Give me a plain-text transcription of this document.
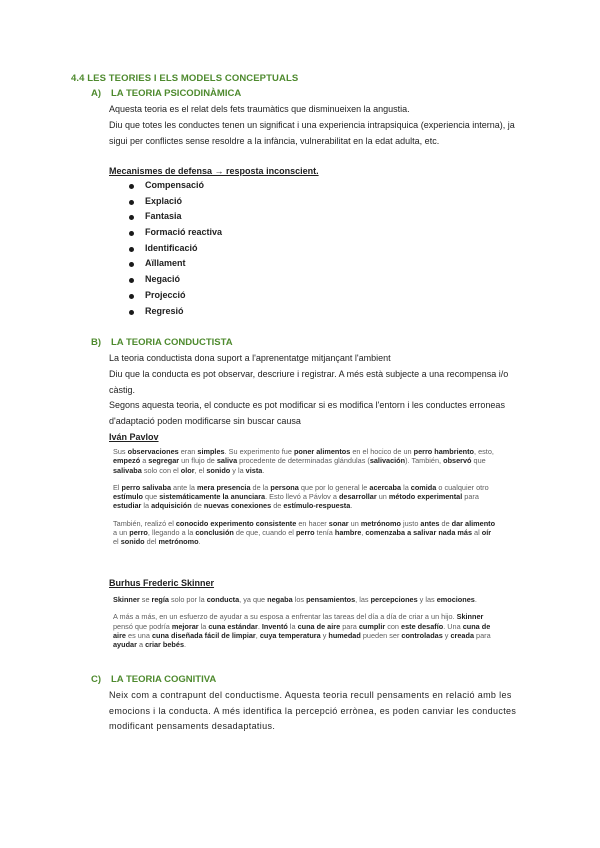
4.4 LES TEORIES I ELS MODELS CONCEPTUALS
A) LA TEORIA PSICODINÀMICA
Aquesta teoria es el relat dels fets traumàtics que disminueixen la angustia.
Diu que totes les conductes tenen un significat i una experiencia intrapsiquica (experiencia interna), ja sigui per conflictes sense resoldre a la infància, vulnerabilitat en la edat adulta, etc.
Mecanismes de defensa → resposta inconscient.
Compensació
Explació
Fantasia
Formació reactiva
Identificació
Aïllament
Negació
Projecció
Regresió
B) LA TEORIA CONDUCTISTA
La teoria conductista dona suport a l'aprenentatge mitjançant l'ambient
Diu que la conducta es pot observar, descriure i registrar. A més està subjecte a una recompensa i/o càstig.
Segons aquesta teoria, el conducte es pot modificar si es modifica l'entorn i les conductes erroneas d'adaptació poden modificarse sin buscar causa
Iván Pavlov

Sus observaciones eran simples. Su experimento fue poner alimentos en el hocico de un perro hambriento, esto, empezó a segregar un flujo de saliva procedente de determinadas glándulas (salivación). También, observó que salivaba solo con el olor, el sonido y la vista.

El perro salivaba ante la mera presencia de la persona que por lo general le acercaba la comida o cualquier otro estímulo que sistemáticamente la anunciara. Esto llevó a Pávlov a desarrollar un método experimental para estudiar la adquisición de nuevas conexiones de estímulo-respuesta.

También, realizó el conocido experimento consistente en hacer sonar un metrónomo justo antes de dar alimento a un perro, llegando a la conclusión de que, cuando el perro tenía hambre, comenzaba a salivar nada más al oír el sonido del metrónomo.

Burhus Frederic Skinner

Skinner se regía solo por la conducta, ya que negaba los pensamientos, las percepciones y las emociones.

A más a más, en un esfuerzo de ayudar a su esposa a enfrentar las tareas del día a día de criar a un hijo. Skinner pensó que podría mejorar la cuna estándar. Inventó la cuna de aire para cumplir con este desafío. Una cuna de aire es una cuna diseñada fácil de limpiar, cuya temperatura y humedad pueden ser controladas y creada para ayudar a criar bebés.

C) LA TEORIA COGNITIVA
Neix com a contrapunt del conductisme. Aquesta teoria recull pensaments en relació amb les emocions i la conducta. A més identifica la percepció errònea, es poden canviar les conductes modificant pensaments desadaptatius.
